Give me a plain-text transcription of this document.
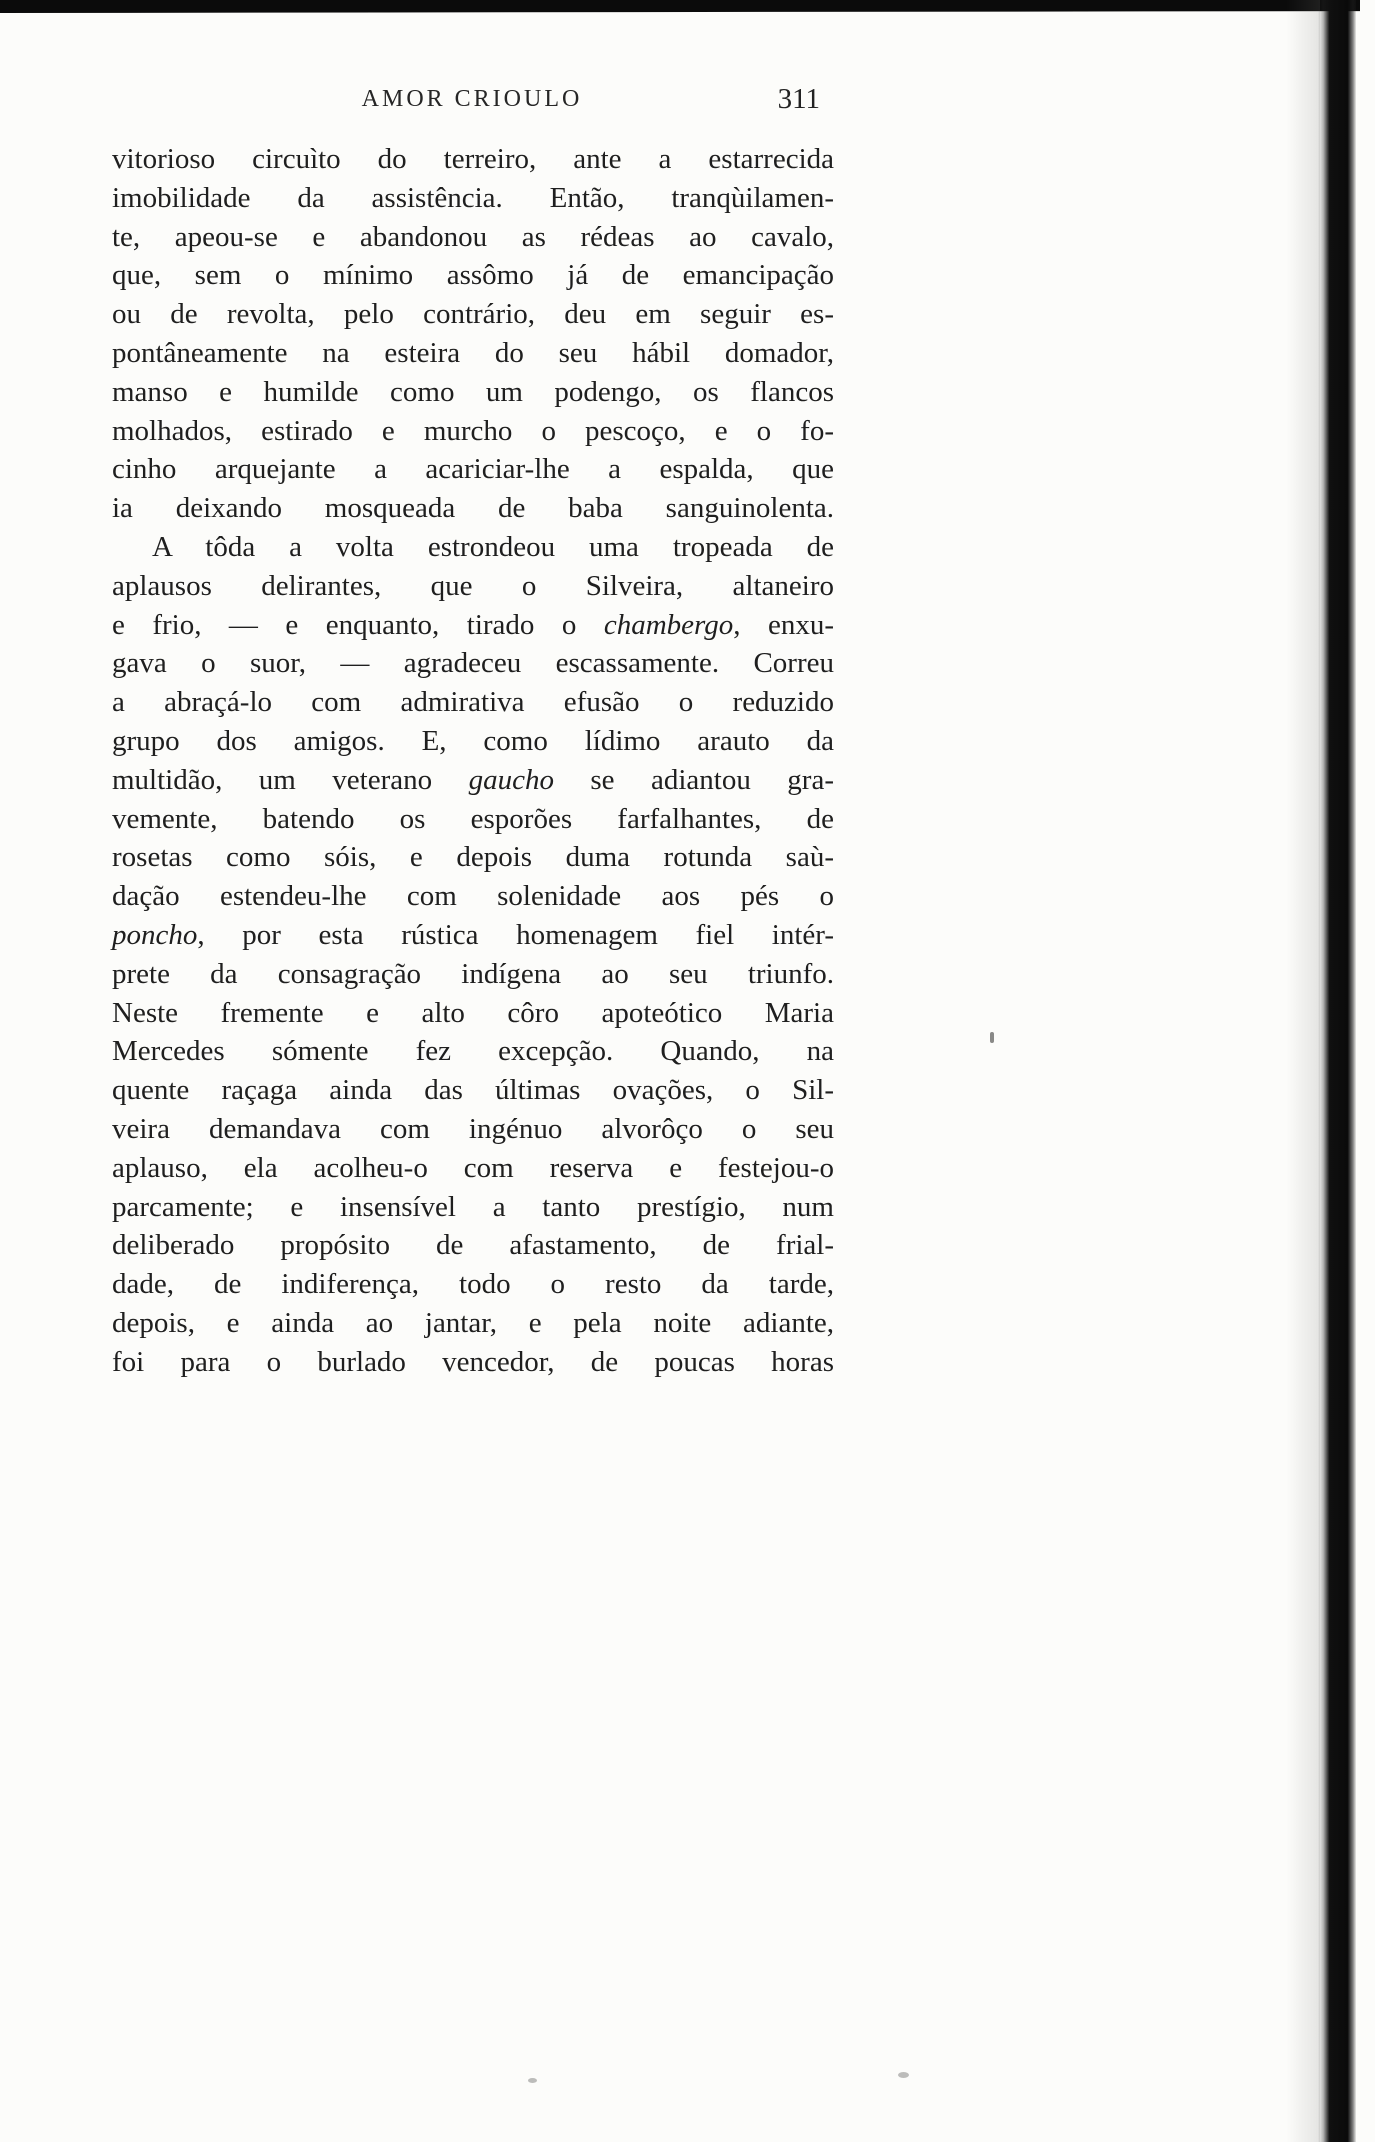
AMOR CRIOULO	311
vitorioso circuìto do terreiro, ante a estarrecida
imobilidade da assistência. Então, tranqùilamen-
te, apeou-se e abandonou as rédeas ao cavalo,
que, sem o mínimo assômo já de emancipação
ou de revolta, pelo contrário, deu em seguir es-
pontâneamente na esteira do seu hábil domador,
manso e humilde como um podengo, os flancos
molhados, estirado e murcho o pescoço, e o fo-
cinho arquejante a acariciar-lhe a espalda, que
ia deixando mosqueada de baba sanguinolenta.
A tôda a volta estrondeou uma tropeada de
aplausos delirantes, que o Silveira, altaneiro
e frio, — e enquanto, tirado o chambergo, enxu-
gava o suor, — agradeceu escassamente. Correu
a abraçá-lo com admirativa efusão o reduzido
grupo dos amigos. E, como lídimo arauto da
multidão, um veterano gaucho se adiantou gra-
vemente, batendo os esporões farfalhantes, de
rosetas como sóis, e depois duma rotunda saù-
dação estendeu-lhe com solenidade aos pés o
poncho, por esta rústica homenagem fiel intér-
prete da consagração indígena ao seu triunfo.
Neste fremente e alto côro apoteótico Maria
Mercedes sómente fez excepção. Quando, na
quente raçaga ainda das últimas ovações, o Sil-
veira demandava com ingénuo alvorôço o seu
aplauso, ela acolheu-o com reserva e festejou-o
parcamente; e insensível a tanto prestígio, num
deliberado propósito de afastamento, de frial-
dade, de indiferença, todo o resto da tarde,
depois, e ainda ao jantar, e pela noite adiante,
foi para o burlado vencedor, de poucas horas
